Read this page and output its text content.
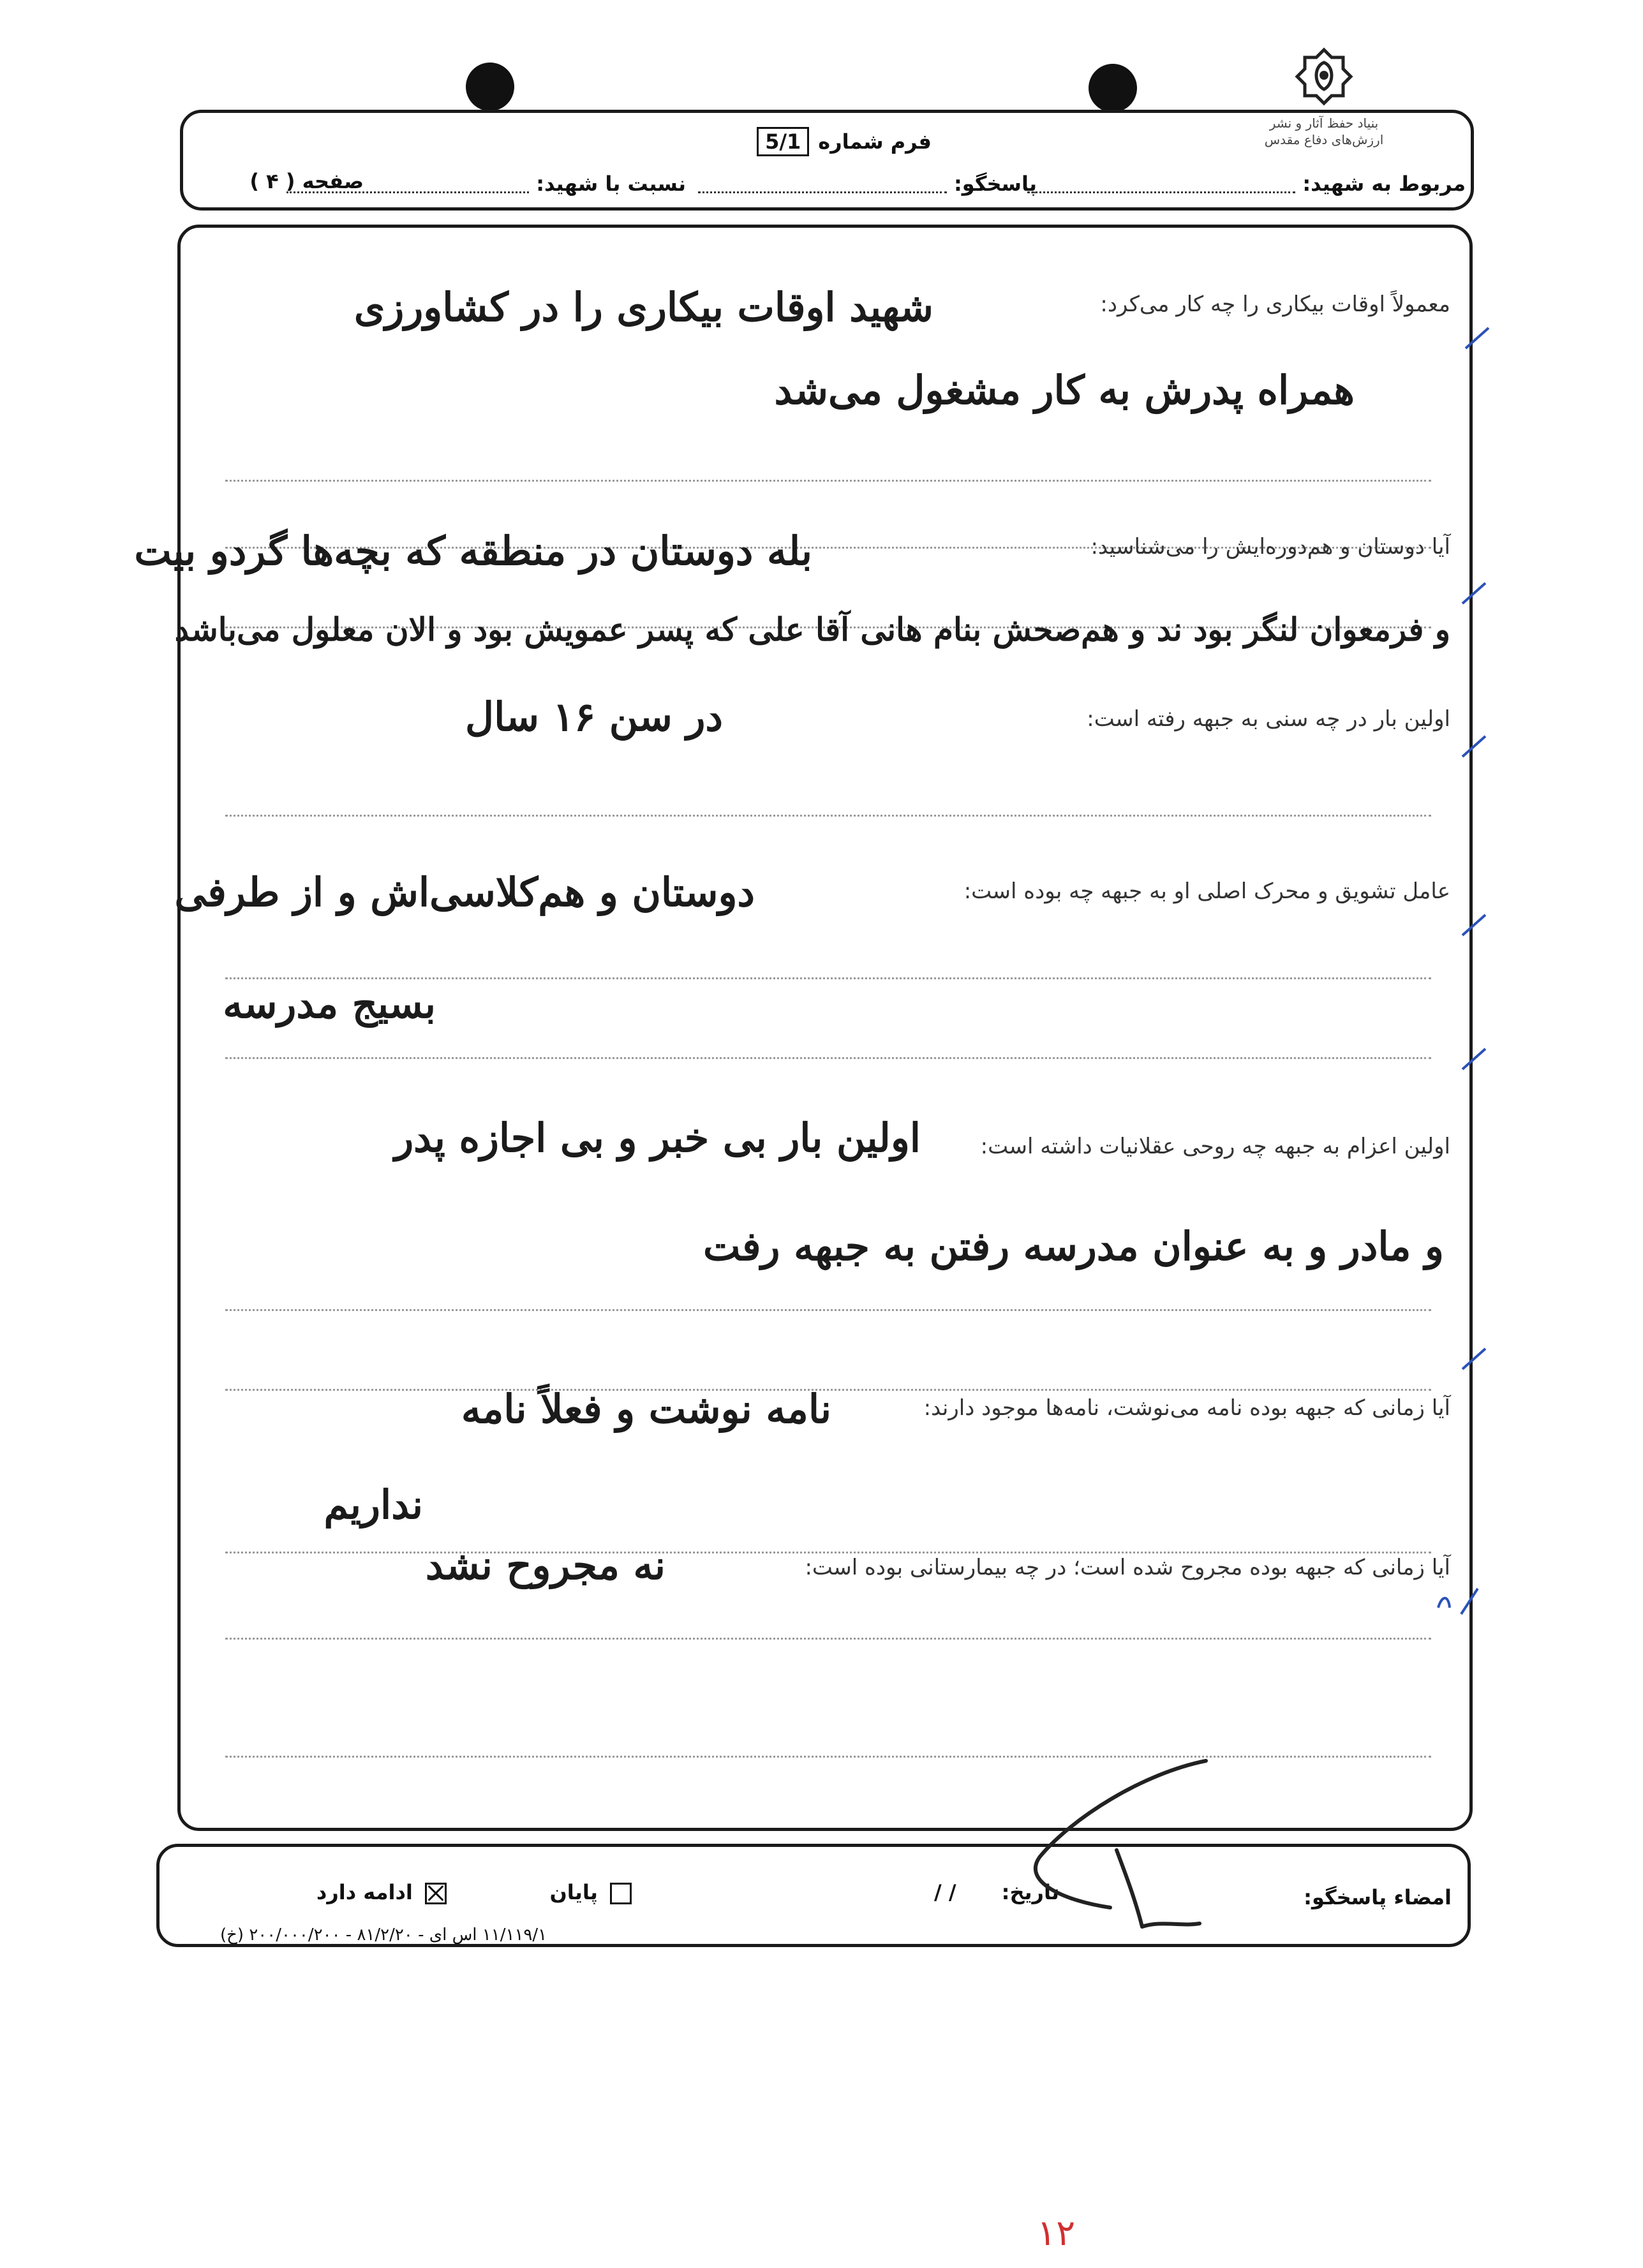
بنیاد حفظ آثار و نشر ارزش‌های دفاع مقدس
فرم شماره
5/1
مربوط به شهید:
پاسخگو:
نسبت با شهید:
صفحه ( ۴ )
معمولاً اوقات بیکاری را چه کار می‌کرد:
شهید اوقات بیکاری را در کشاورزی
همراه پدرش به کار مشغول می‌شد
آیا دوستان و هم‌دوره‌ایش را می‌شناسید:
بله دوستان در منطقه که بچه‌ها گردو بیت
و فرمعوان لنگر بود ند و هم‌صحش بنام هانی آقا علی که پسر عمویش بود و الان معلول می‌باشد
اولین بار در چه سنی به جبهه رفته است:
در سن ۱۶ سال
عامل تشویق و محرک اصلی او به جبهه چه بوده است:
دوستان و هم‌کلاسی‌اش و از طرفی
بسیج مدرسه
اولین اعزام به جبهه چه روحی عقلانیات داشته است:
اولین بار بی خبر و بی اجازه پدر
و مادر و به عنوان مدرسه رفتن به جبهه رفت
آیا زمانی که جبهه بوده نامه می‌نوشت، نامه‌ها موجود دارند:
نامه نوشت و فعلاً نامه
نداریم
آیا زمانی که جبهه بوده مجروح شده است؛ در چه بیمارستانی بوده است:
نه مجروح نشد
امضاء پاسخگو:
تاریخ: / /
پایان
ادامه دارد
۱۱/۱۱۹/۱ اس ای - ۸۱/۲/۲۰ - ۲۰۰/۰۰۰/۲۰۰ (خ)
۱۲
